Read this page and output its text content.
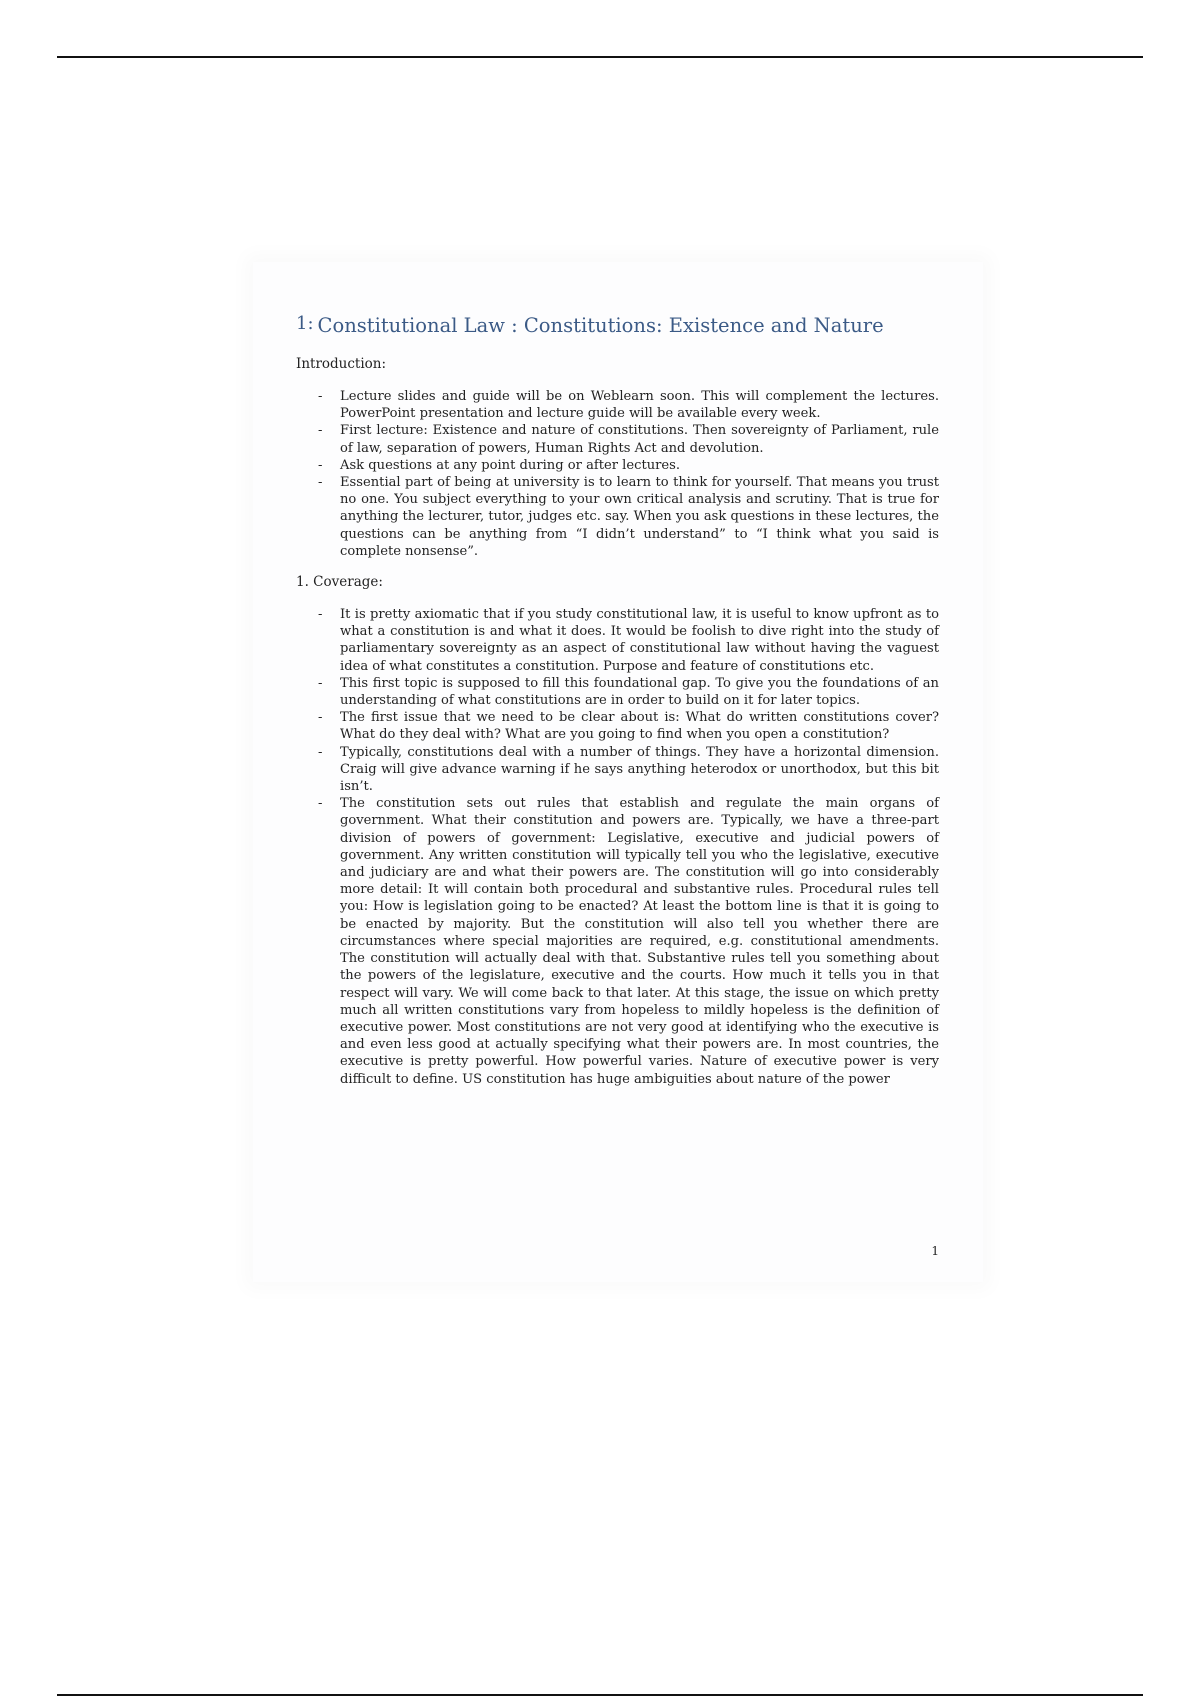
1: Constitutional Law : Constitutions: Existence and Nature

Introduction:

- Lecture slides and guide will be on Weblearn soon. This will complement the lectures. PowerPoint presentation and lecture guide will be available every week.
- First lecture: Existence and nature of constitutions. Then sovereignty of Parliament, rule of law, separation of powers, Human Rights Act and devolution.
- Ask questions at any point during or after lectures.
- Essential part of being at university is to learn to think for yourself. That means you trust no one. You subject everything to your own critical analysis and scrutiny. That is true for anything the lecturer, tutor, judges etc. say. When you ask questions in these lectures, the questions can be anything from “I didn’t understand” to “I think what you said is complete nonsense”.

1. Coverage:

- It is pretty axiomatic that if you study constitutional law, it is useful to know upfront as to what a constitution is and what it does. It would be foolish to dive right into the study of parliamentary sovereignty as an aspect of constitutional law without having the vaguest idea of what constitutes a constitution. Purpose and feature of constitutions etc.
- This first topic is supposed to fill this foundational gap. To give you the foundations of an understanding of what constitutions are in order to build on it for later topics.
- The first issue that we need to be clear about is: What do written constitutions cover? What do they deal with? What are you going to find when you open a constitution?
- Typically, constitutions deal with a number of things. They have a horizontal dimension. Craig will give advance warning if he says anything heterodox or unorthodox, but this bit isn’t.
- The constitution sets out rules that establish and regulate the main organs of government. What their constitution and powers are. Typically, we have a three-part division of powers of government: Legislative, executive and judicial powers of government. Any written constitution will typically tell you who the legislative, executive and judiciary are and what their powers are. The constitution will go into considerably more detail: It will contain both procedural and substantive rules. Procedural rules tell you: How is legislation going to be enacted? At least the bottom line is that it is going to be enacted by majority. But the constitution will also tell you whether there are circumstances where special majorities are required, e.g. constitutional amendments. The constitution will actually deal with that. Substantive rules tell you something about the powers of the legislature, executive and the courts. How much it tells you in that respect will vary. We will come back to that later. At this stage, the issue on which pretty much all written constitutions vary from hopeless to mildly hopeless is the definition of executive power. Most constitutions are not very good at identifying who the executive is and even less good at actually specifying what their powers are. In most countries, the executive is pretty powerful. How powerful varies. Nature of executive power is very difficult to define. US constitution has huge ambiguities about nature of the power
1
